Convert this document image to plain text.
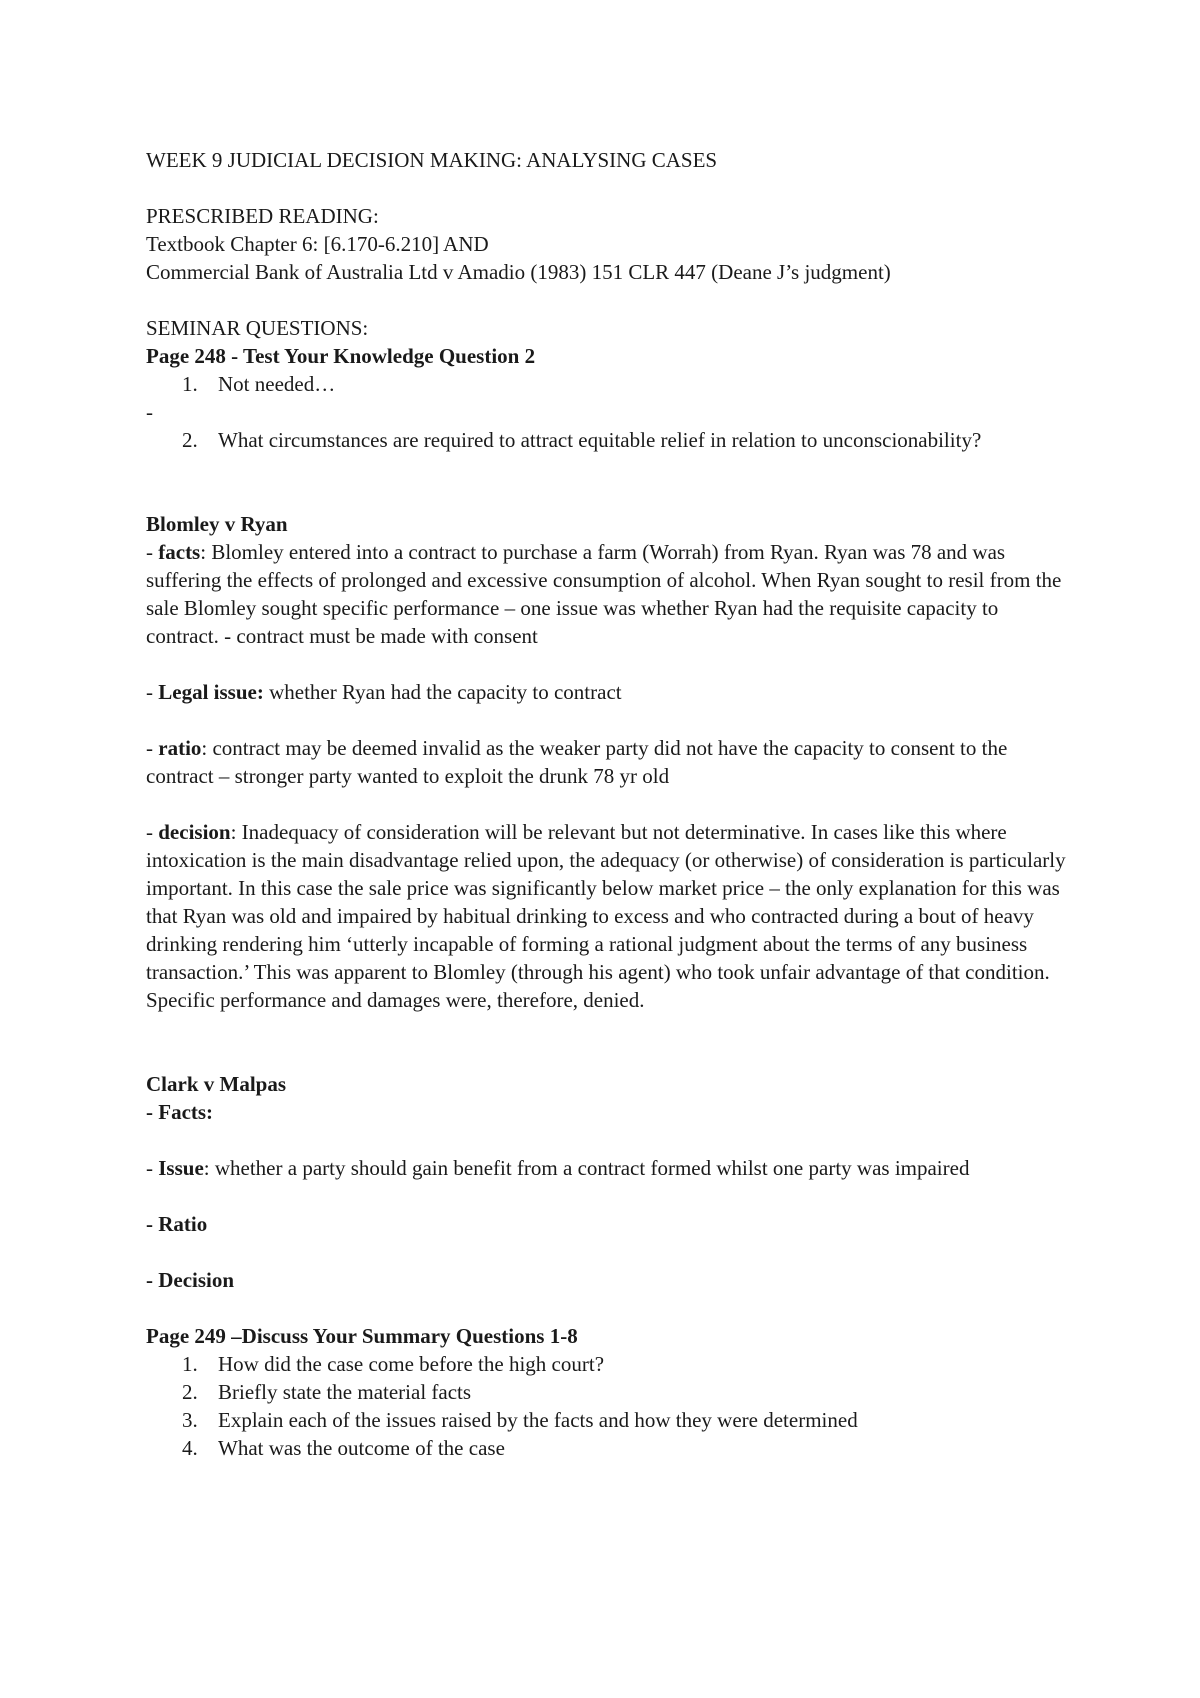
WEEK 9 JUDICIAL DECISION MAKING: ANALYSING CASES

PRESCRIBED READING:

Textbook Chapter 6: [6.170-6.210] AND

Commercial Bank of Australia Ltd v Amadio (1983) 151 CLR 447 (Deane J’s judgment)

SEMINAR QUESTIONS:

Page 248 - Test Your Knowledge Question 2

1. Not needed…

-

2. What circumstances are required to attract equitable relief in relation to unconscionability?

Blomley v Ryan

- facts: Blomley entered into a contract to purchase a farm (Worrah) from Ryan. Ryan was 78 and was suffering the effects of prolonged and excessive consumption of alcohol. When Ryan sought to resil from the sale Blomley sought specific performance – one issue was whether Ryan had the requisite capacity to contract. - contract must be made with consent

- Legal issue: whether Ryan had the capacity to contract

- ratio: contract may be deemed invalid as the weaker party did not have the capacity to consent to the contract – stronger party wanted to exploit the drunk 78 yr old

- decision: Inadequacy of consideration will be relevant but not determinative. In cases like this where intoxication is the main disadvantage relied upon, the adequacy (or otherwise) of consideration is particularly important. In this case the sale price was significantly below market price – the only explanation for this was that Ryan was old and impaired by habitual drinking to excess and who contracted during a bout of heavy drinking rendering him ‘utterly incapable of forming a rational judgment about the terms of any business transaction.’ This was apparent to Blomley (through his agent) who took unfair advantage of that condition. Specific performance and damages were, therefore, denied.

Clark v Malpas

- Facts:

- Issue: whether a party should gain benefit from a contract formed whilst one party was impaired

- Ratio

- Decision

Page 249 –Discuss Your Summary Questions 1-8

1. How did the case come before the high court?
2. Briefly state the material facts
3. Explain each of the issues raised by the facts and how they were determined
4. What was the outcome of the case
